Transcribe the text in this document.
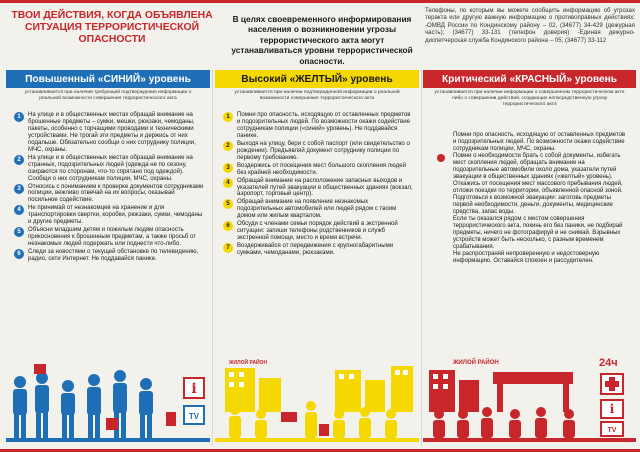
ТВОИ ДЕЙСТВИЯ, КОГДА ОБЪЯВЛЕНА СИТУАЦИЯ ТЕРРОРИСТИЧЕСКОЙ ОПАСНОСТИ
В целях своевременного информирования населения о возникновении угрозы террористического акта могут устанавливаться уровни террористической опасности.
Телефоны, по которым вы можете сообщить информацию об угрозах теракта или другую важную информацию о противоправных действиях: -ОМВД России по Кондинскому району – 02, (34677) 34-429 (дежурная часть); (34677) 33-131 (телефон доверия) -Единая дежурно-диспетчерская служба Кондинского района – 05, (34677) 33-112
Повышенный «СИНИЙ» уровень
устанавливается при наличии требующей подтверждения информации о реальной возможности совершения террористического акта
1	На улице и в общественных местах обращай внимание на брошенные предметы – сумки, мешки, рюкзаки, чемоданы, пакеты, особенно с торчащими проводами и техническими устройствами. Не трогай эти предметы и держись от них подальше. Обязательно сообщи о них сотруднику полиции, МЧС, охраны.
2	На улице и в общественных местах обращай внимание на странных, подозрительных людей (одежда не по сезону, озираются по сторонам, что-то спрятано под одеждой). Сообщи о них сотрудникам полиции, МЧС, охраны.
3	Относись с пониманием к проверке документов сотрудниками полиции, вежливо отвечай на их вопросы, оказывай посильное содействие.
4	Не принимай от незнакомцев на хранение и для транспортировки свертки, коробки, рюкзаки, сумки, чемоданы и другие предметы.
5	Объясни младшим детям и пожилым людям опасность прикосновения к брошенным предметам, а также просьб от незнакомых людей подержать или поднести что-либо.
6	Следи за новостями о текущей обстановке по телевидению, радио, сети Интернет. Не поддавайся панике.
i
TV
Высокий «ЖЕЛТЫЙ» уровень
устанавливается при наличии подтвержденной информации о реальной возможности совершения террористического акта
1	Помни про опасность, исходящую от оставленных предметов и подозрительных людей. По возможности окажи содействие сотрудникам полиции («синий» уровень). Не поддавайся панике.
2	Выходя на улицу, бери с собой паспорт (или свидетельство о рождении). Предъявляй документ сотруднику полиции по первому требованию.
3	Воздержись от посещения мест большого скопления людей без крайней необходимости.
4	Обращай внимание на расположение запасных выходов и указателей путей эвакуации в общественных зданиях (вокзал, аэропорт, торговый центр).
5	Обращай внимание на появление незнакомых подозрительных автомобилей или людей рядом с твоим домом или жилым кварталом.
6	Обсуди с членами семьи порядок действий в экстренной ситуации: запиши телефоны родственников и служб экстренной помощи, место и время встречи.
7	Воздерживайся от передвижения с крупногабаритными сумками, чемоданами, рюкзаками.
ЖИЛОЙ РАЙОН
Критический «КРАСНЫЙ» уровень
устанавливается при наличии информации о совершенном террористическом акте либо о совершении действий, создающих непосредственную угрозу террористического акта

Помни про опасность, исходящую от оставленных предметов и подозрительных людей. По возможности окажи содействие сотрудникам полиции, МЧС, охраны.

Помни о необходимости брать с собой документы, избегать мест скопления людей, обращать внимание на подозрительные автомобили около дома, указатели путей эвакуации в общественных зданиях («желтый» уровень).

Откажись от посещения мест массового пребывания людей, отложи поездки по территории, объявленной опасной зоной.

Подготовься к возможной эвакуации: заготовь предметы первой необходимости, деньги, документы, медицинские средства, запас воды.

Если ты оказался рядом с местом совершения террористического акта, покинь его без паники, не подбирай предметы, ничего не фотографируй и не снимай. Взрывных устройств может быть несколько, с разным временем срабатывания.

Не распространяй непроверенную и недостоверную информацию. Оставайся спокоен и рассудителен.

ЖИЛОЙ РАЙОН	24ч
i
TV
